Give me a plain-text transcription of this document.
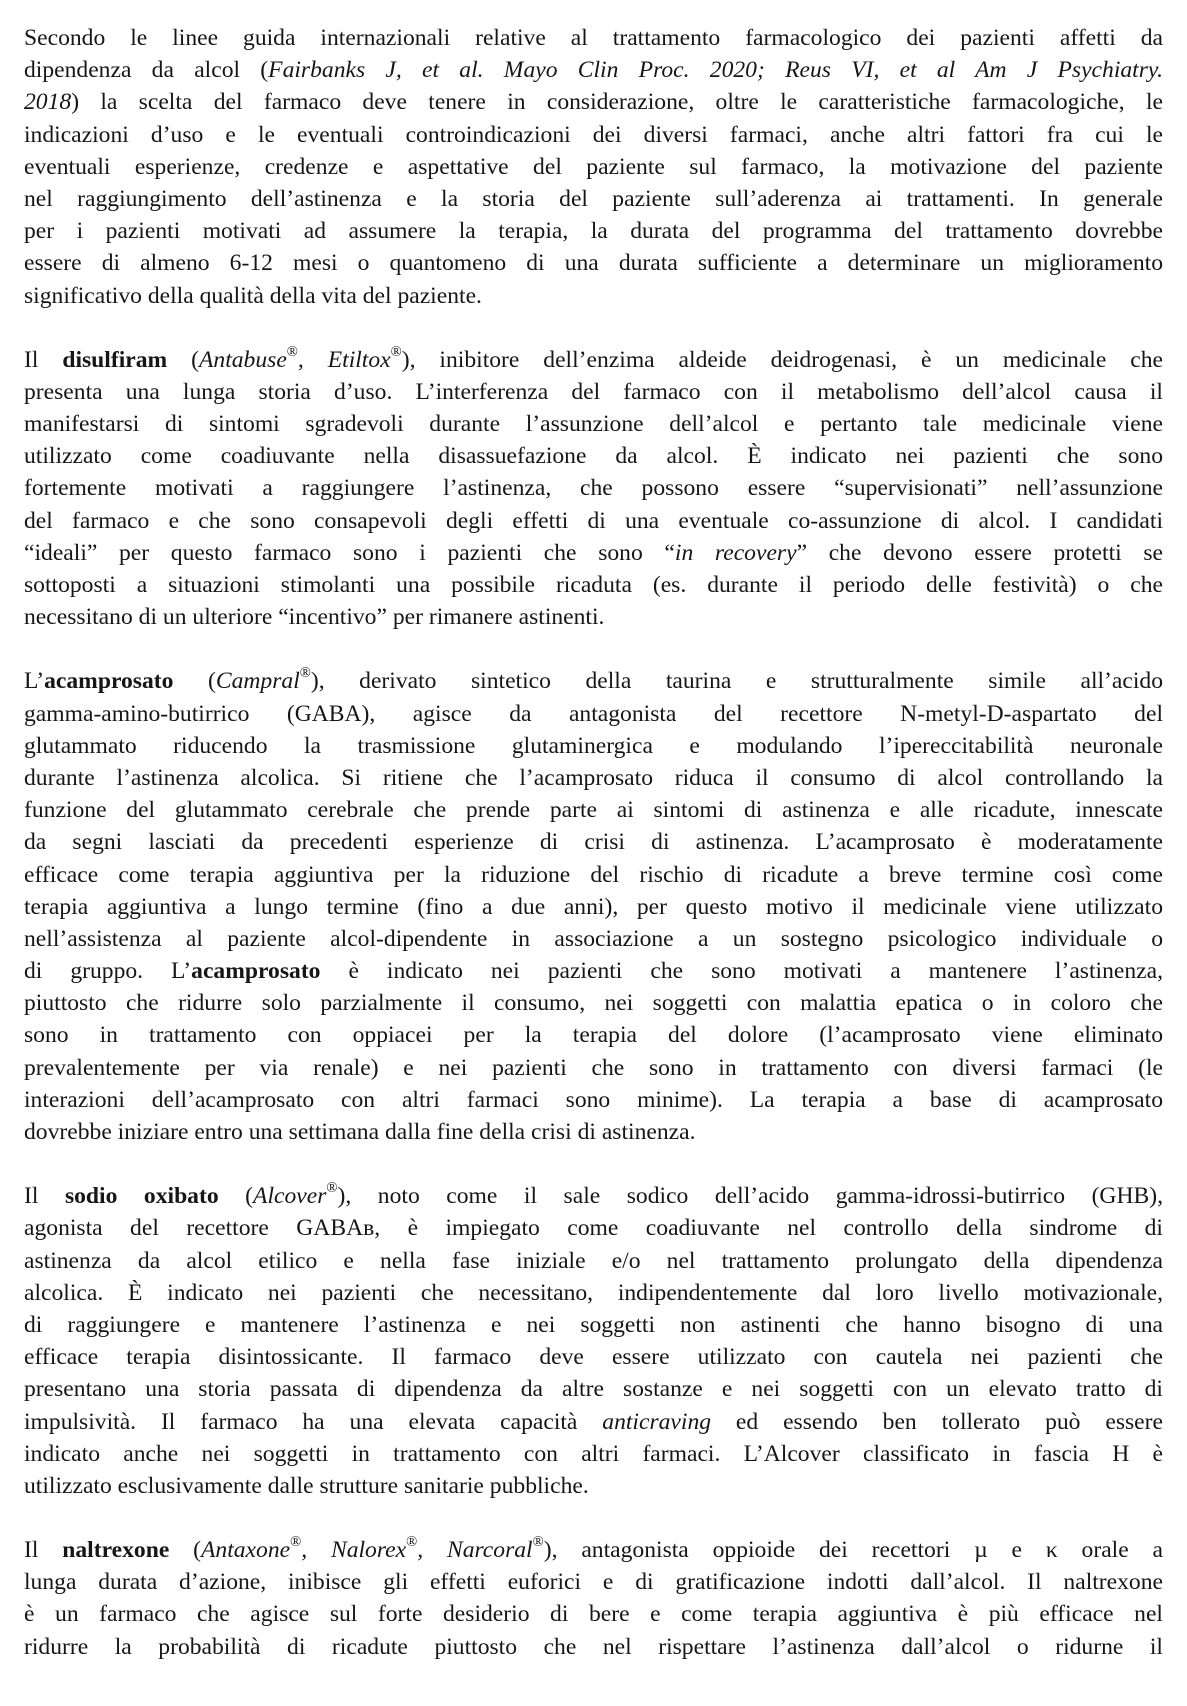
Secondo le linee guida internazionali relative al trattamento farmacologico dei pazienti affetti da
dipendenza da alcol (Fairbanks J, et al. Mayo Clin Proc. 2020; Reus VI, et al Am J Psychiatry.
2018) la scelta del farmaco deve tenere in considerazione, oltre le caratteristiche farmacologiche, le
indicazioni d’uso e le eventuali controindicazioni dei diversi farmaci, anche altri fattori fra cui le
eventuali esperienze, credenze e aspettative del paziente sul farmaco, la motivazione del paziente
nel raggiungimento dell’astinenza e la storia del paziente sull’aderenza ai trattamenti. In generale
per i pazienti motivati ad assumere la terapia, la durata del programma del trattamento dovrebbe
essere di almeno 6-12 mesi o quantomeno di una durata sufficiente a determinare un miglioramento
significativo della qualità della vita del paziente.
Il disulfiram (Antabuse®, Etiltox®), inibitore dell’enzima aldeide deidrogenasi, è un medicinale che
presenta una lunga storia d’uso. L’interferenza del farmaco con il metabolismo dell’alcol causa il
manifestarsi di sintomi sgradevoli durante l’assunzione dell’alcol e pertanto tale medicinale viene
utilizzato come coadiuvante nella disassuefazione da alcol. È indicato nei pazienti che sono
fortemente motivati a raggiungere l’astinenza, che possono essere “supervisionati” nell’assunzione
del farmaco e che sono consapevoli degli effetti di una eventuale co-assunzione di alcol. I candidati
“ideali” per questo farmaco sono i pazienti che sono “in recovery” che devono essere protetti se
sottoposti a situazioni stimolanti una possibile ricaduta (es. durante il periodo delle festività) o che
necessitano di un ulteriore “incentivo” per rimanere astinenti.
L’acamprosato (Campral®), derivato sintetico della taurina e strutturalmente simile all’acido
gamma-amino-butirrico (GABA), agisce da antagonista del recettore N-metyl-D-aspartato del
glutammato riducendo la trasmissione glutaminergica e modulando l’ipereccitabilità neuronale
durante l’astinenza alcolica. Si ritiene che l’acamprosato riduca il consumo di alcol controllando la
funzione del glutammato cerebrale che prende parte ai sintomi di astinenza e alle ricadute, innescate
da segni lasciati da precedenti esperienze di crisi di astinenza. L’acamprosato è moderatamente
efficace come terapia aggiuntiva per la riduzione del rischio di ricadute a breve termine così come
terapia aggiuntiva a lungo termine (fino a due anni), per questo motivo il medicinale viene utilizzato
nell’assistenza al paziente alcol-dipendente in associazione a un sostegno psicologico individuale o
di gruppo. L’acamprosato è indicato nei pazienti che sono motivati a mantenere l’astinenza,
piuttosto che ridurre solo parzialmente il consumo, nei soggetti con malattia epatica o in coloro che
sono in trattamento con oppiacei per la terapia del dolore (l’acamprosato viene eliminato
prevalentemente per via renale) e nei pazienti che sono in trattamento con diversi farmaci (le
interazioni dell’acamprosato con altri farmaci sono minime). La terapia a base di acamprosato
dovrebbe iniziare entro una settimana dalla fine della crisi di astinenza.
Il sodio oxibato (Alcover®), noto come il sale sodico dell’acido gamma-idrossi-butirrico (GHB),
agonista del recettore GABAʙ, è impiegato come coadiuvante nel controllo della sindrome di
astinenza da alcol etilico e nella fase iniziale e/o nel trattamento prolungato della dipendenza
alcolica. È indicato nei pazienti che necessitano, indipendentemente dal loro livello motivazionale,
di raggiungere e mantenere l’astinenza e nei soggetti non astinenti che hanno bisogno di una
efficace terapia disintossicante. Il farmaco deve essere utilizzato con cautela nei pazienti che
presentano una storia passata di dipendenza da altre sostanze e nei soggetti con un elevato tratto di
impulsività. Il farmaco ha una elevata capacità anticraving ed essendo ben tollerato può essere
indicato anche nei soggetti in trattamento con altri farmaci. L’Alcover classificato in fascia H è
utilizzato esclusivamente dalle strutture sanitarie pubbliche.
Il naltrexone (Antaxone®, Nalorex®, Narcoral®), antagonista oppioide dei recettori µ e κ orale a
lunga durata d’azione, inibisce gli effetti euforici e di gratificazione indotti dall’alcol. Il naltrexone
è un farmaco che agisce sul forte desiderio di bere e come terapia aggiuntiva è più efficace nel
ridurre la probabilità di ricadute piuttosto che nel rispettare l’astinenza dall’alcol o ridurne il
